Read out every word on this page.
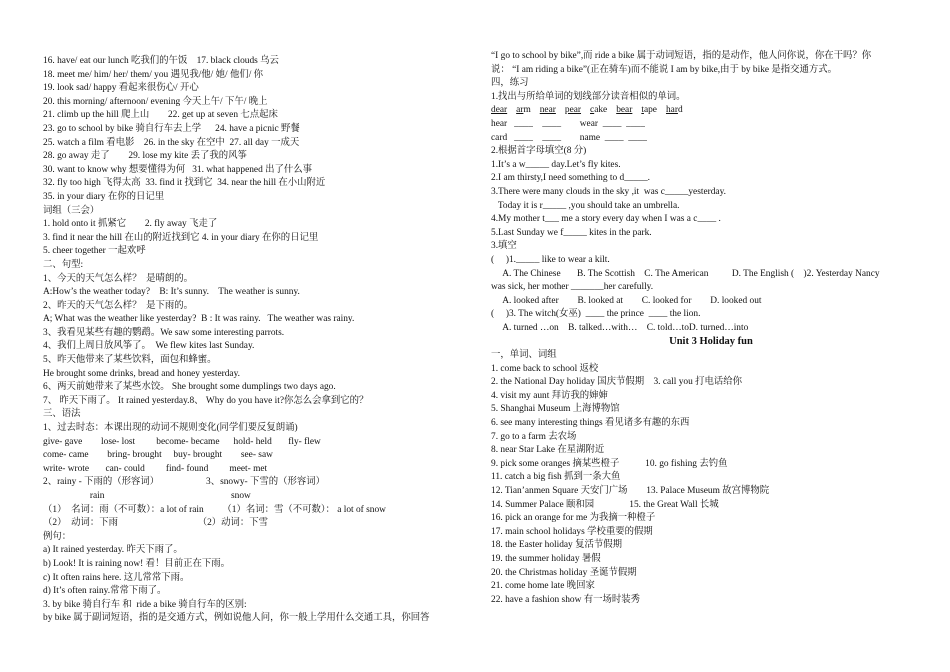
16. have/ eat our lunch 吃我们的午饭    17. black clouds 乌云
18. meet me/ him/ her/ them/ you 遇见我/他/ 她/ 他们/ 你
19. look sad/ happy 看起来很伤心/ 开心
20. this morning/ afternoon/ evening 今天上午/ 下午/ 晚上
21. climb up the hill 爬上山        22. get up at seven 七点起床
23. go to school by bike 骑自行车去上学      24. have a picnic 野餐
25. watch a film 看电影    26. in the sky 在空中  27. all day 一成天
28. go away 走了        29. lose my kite 丢了我的风筝
30. want to know why 想要懂得为何   31. what happened 出了什么事
32. fly too high 飞得太高  33. find it 找到它  34. near the hill 在小山附近
35. in your diary 在你的日记里
词组（三会）
1. hold onto it 抓紧它        2. fly away 飞走了
3. find it near the hill 在山的附近找到它 4. in your diary 在你的日记里
5. cheer together 一起欢呼
二、句型:
1、今天的天气怎么样？  是晴朗的。
A:How’s the weather today?    B: It’s sunny.    The weather is sunny.
2、昨天的天气怎么样？  是下雨的。
A; What was the weather like yesterday?  B : It was rainy.   The weather was rainy.
3、我看见某些有趣的鹦鹉。We saw some interesting parrots.
4、我们上周日放风筝了。  We flew kites last Sunday.
5、昨天他带来了某些饮料，面包和蜂蜜。
He brought some drinks, bread and honey yesterday.
6、两天前她带来了某些水饺。 She brought some dumplings two days ago.
7、 昨天下雨了。 It rained yesterday.8、 Why do you have it?你怎么会拿到它的？
三、语法
1、过去时态：本课出现的动词不规则变化(同学们要反复朗诵)
give- gave        lose- lost         become- became      hold- held       fly- flew
come- came        bring- brought     buy- brought        see- saw
write- wrote       can- could         find- found         meet- met
2、rainy - 下雨的（形容词）                    3、snowy- 下雪的（形容词）
rain                                                      snow
（1）  名词：雨（不可数）：a lot of rain        （1）名词：雪（不可数）： a lot of snow
（2）  动词：下雨                                  （2）动词：下雪
例句：
a) It rained yesterday. 昨天下雨了。
b) Look! It is raining now! 看！目前正在下雨。
c) It often rains here. 这儿常常下雨。
d) It’s often rainy.常常下雨了。
3. by bike 骑自行车 和  ride a bike 骑自行车的区别:
by bike 属于副词短语，指的是交通方式，例如说他人问，你一般上学用什么交通工具，你回答
“I go to school by bike”,而 ride a bike 属于动词短语，指的是动作，他人问你说，你在干吗？你
说： “I am riding a bike”(正在骑车)而不能说 I am by bike,由于 by bike 是指交通方式。
四，练习
1.找出与所给单词的划线部分读音相似的单词。
dear arm near pear cake bear tape hard
hear   ____    ____        wear  ____  ____
card   ____    ____        name  ____  ____
2.根据首字母填空(8 分)
1.It’s a w_____ day.Let’s fly kites.
2.I am thirsty,I need something to d_____.
3.There were many clouds in the sky ,it  was c_____yesterday.
Today it is r_____ ,you should take an umbrella.
4.My mother t___ me a story every day when I was a c____ .
5.Last Sunday we f_____ kites in the park.
3.填空
(     )1._____ like to wear a kilt.
A. The Chinese       B. The Scottish    C. The American          D. The English (    )2. Yesterday Nancy
was sick, her mother _______her carefully.
A. looked after        B. looked at        C. looked for        D. looked out
(     )3. The witch(女巫)  ____ the prince  ____ the lion.
A. turned …on    B. talked…with…    C. told…toD. turned…into
Unit 3 Holiday fun
一，单词、词组
1. come back to school 返校
2. the National Day holiday 国庆节假期    3. call you 打电话给你
4. visit my aunt 拜访我的婶婶
5. Shanghai Museum 上海博物馆
6. see many interesting things 看见诸多有趣的东西
7. go to a farm 去农场
8. near Star Lake 在星湖附近
9. pick some oranges 摘某些橙子           10. go fishing 去钓鱼
11. catch a big fish 抓到一条大鱼
12. Tian’anmen Square 天安门广场        13. Palace Museum 故宫博物院
14. Summer Palace 颐和园               15. the Great Wall 长城
16. pick an orange for me 为我摘一种橙子
17. main school holidays 学校重要的假期
18. the Easter holiday 复活节假期
19. the summer holiday 暑假
20. the Christmas holiday 圣诞节假期
21. come home late 晚回家
22. have a fashion show 有一场时装秀
